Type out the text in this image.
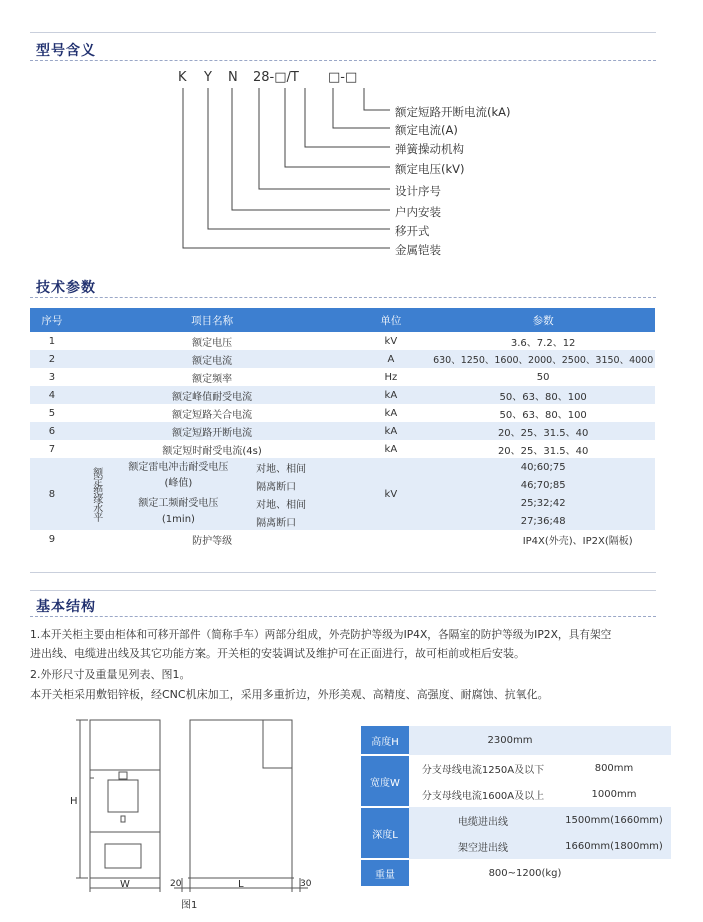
型号含义
K Y N 28-□/T □-□
额定短路开断电流(kA)
额定电流(A)
弹簧操动机构
额定电压(kV)
设计序号
户内安装
移开式
金属铠装
技术参数
序号	项目名称			单位	参数
1	额定电压			kV	3.6、7.2、12
2	额定电流			A	630、1250、1600、2000、2500、3150、4000
3	额定频率			Hz	50
4	额定峰值耐受电流			kA	50、63、80、100
5	额定短路关合电流			kA	50、63、80、100
6	额定短路开断电流			kA	20、25、31.5、40
7	额定短时耐受电流(4s)			kA	20、25、31.5、40
8	额定绝缘水平	额定雷电冲击耐受电压(峰值)	对地、相间	kV	40;60;75
			隔离断口		46;70;85
		额定工频耐受电压(1min)	对地、相间		25;32;42
			隔离断口		27;36;48
9	防护等级			IP4X(外壳)、IP2X(隔板)	
基本结构
1.本开关柜主要由柜体和可移开部件（简称手车）两部分组成，外壳防护等级为IP4X，各隔室的防护等级为IP2X，具有架空
进出线、电缆进出线及其它功能方案。开关柜的安装调试及维护可在正面进行，故可柜前或柜后安装。
2.外形尺寸及重量见列表、图1。
本开关柜采用敷铝锌板，经CNC机床加工，采用多重折边，外形美观、高精度、高强度、耐腐蚀、抗氧化。
H
W	L
20	30
图1
高度H	2300mm	
宽度W	分支母线电流1250A及以下	800mm
	分支母线电流1600A及以上	1000mm
深度L	电缆进出线	1500mm(1660mm)
	架空进出线	1660mm(1800mm)
重量	800~1200(kg)	
